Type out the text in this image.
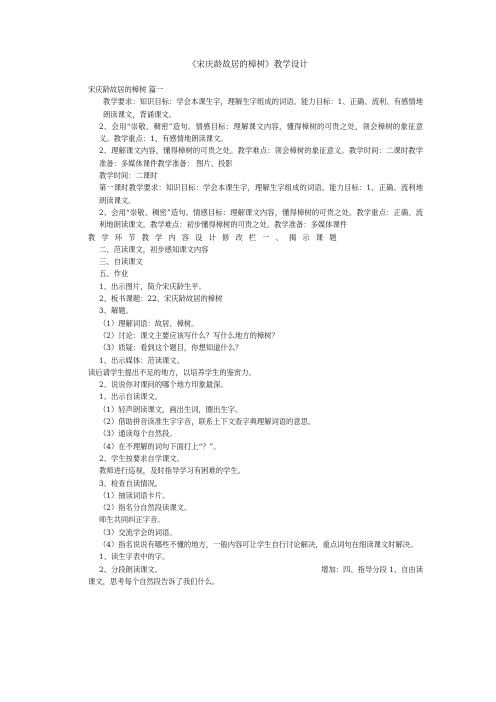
《宋庆龄故居的樟树》教学设计
宋庆龄故居的樟树 篇一
教学要求：知识目标：学会本课生字，理解生字组成的词语。能力目标：1、正确、流利、有感情地朗读课文，背诵课文。
2、会用“崇敬、稠密”造句。情感目标：理解课文内容，懂得樟树的可贵之处，领会樟树的象征意义。教学重点：1、有感情地朗读课文。
2、理解课文内容，懂得樟树的可贵之处。教学难点：领会樟树的象征意义。教学时间：二课时教学准备：多媒体课件教学准备： 图片、投影
教学时间：二课时
第一课时教学要求：知识目标：学会本课生字，理解生字组成的词语。能力目标：1、正确、流利地朗读课文。
2、会用“崇敬、稠密”造句。情感目标：理解课文内容，懂得樟树的可贵之处。教学重点：正确、流利地朗读课文。教学难点：初步懂得樟树的可贵之处。教学准备：多媒体课件
教学环节教学内容设计修改栏一、揭示课题
二、范读课文，初步感知课文内容
三、自读课文
五、作业
1、出示图片，简介宋庆龄生平。
2、板书课题：22、宋庆龄故居的樟树
3、解题。
（1）理解词语：故居、樟树。
（2）讨论：课文主要应该写什么？写什么地方的樟树？
（3）质疑：看到这个题目，你想知道什么？
1、出示媒体：范读课文。
读后请学生提出不足的地方，以培养学生的鉴赏力。
2、说说你对课问的哪个地方印象最深。
1、出示自读课文。
（1）轻声朗读课文，画出生词，圈出生字。
（2）借助拼音读准生字字音，联系上下文查字典理解词语的意思。
（3）通读每个自然段。
（4）在不理解的词句下面打上“？”。
2、学生按要求自学课文。
教师进行巡视，及时指导学习有困难的学生。
3、检查自读情况。
（1）抽读词语卡片。
（2）指名分自然段读课文。
师生共同纠正字音。
（3）交流学会的词语。
（4）指名说说有哪些不懂的地方，一般内容可让学生自行讨论解决，重点词句在细读课文时解决。
1、读生字表中的字。
2、分段朗读课文。	增加：四、指导分段 1、自由读
课文，思考每个自然段告诉了我们什么。
